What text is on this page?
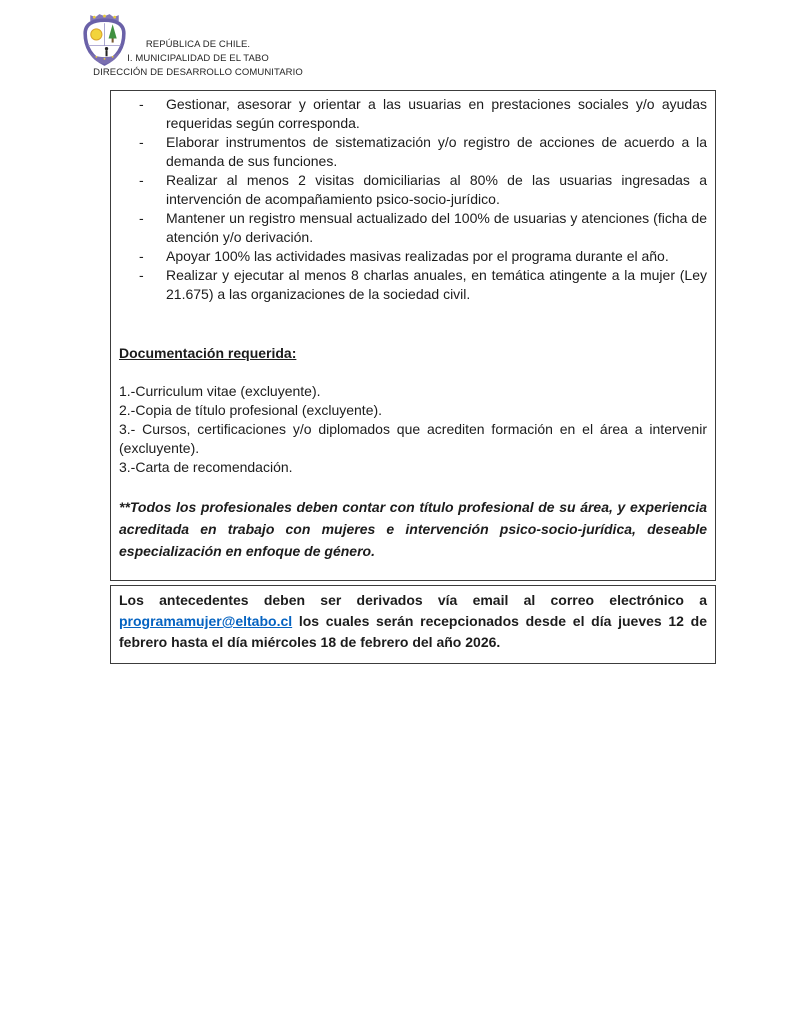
REPÚBLICA DE CHILE.
I. MUNICIPALIDAD DE EL TABO
DIRECCIÓN DE DESARROLLO COMUNITARIO
- Gestionar, asesorar y orientar a las usuarias en prestaciones sociales y/o ayudas requeridas según corresponda.
- Elaborar instrumentos de sistematización y/o registro de acciones de acuerdo a la demanda de sus funciones.
- Realizar al menos 2 visitas domiciliarias al 80% de las usuarias ingresadas a intervención de acompañamiento psico-socio-jurídico.
- Mantener un registro mensual actualizado del 100% de usuarias y atenciones (ficha de atención y/o derivación.
- Apoyar 100% las actividades masivas realizadas por el programa durante el año.
- Realizar y ejecutar al menos 8 charlas anuales, en temática atingente a la mujer (Ley 21.675) a las organizaciones de la sociedad civil.
Documentación requerida:

1.-Curriculum vitae (excluyente).

2.-Copia de título profesional (excluyente).

3.- Cursos, certificaciones y/o diplomados que acrediten formación en el área a intervenir (excluyente).

3.-Carta de recomendación.

**Todos los profesionales deben contar con título profesional de su área, y experiencia acreditada en trabajo con mujeres e intervención psico-socio-jurídica, deseable especialización en enfoque de género.

Los antecedentes deben ser derivados vía email al correo electrónico a programamujer@eltabo.cl los cuales serán recepcionados desde el día jueves 12 de febrero hasta el día miércoles 18 de febrero del año 2026.
